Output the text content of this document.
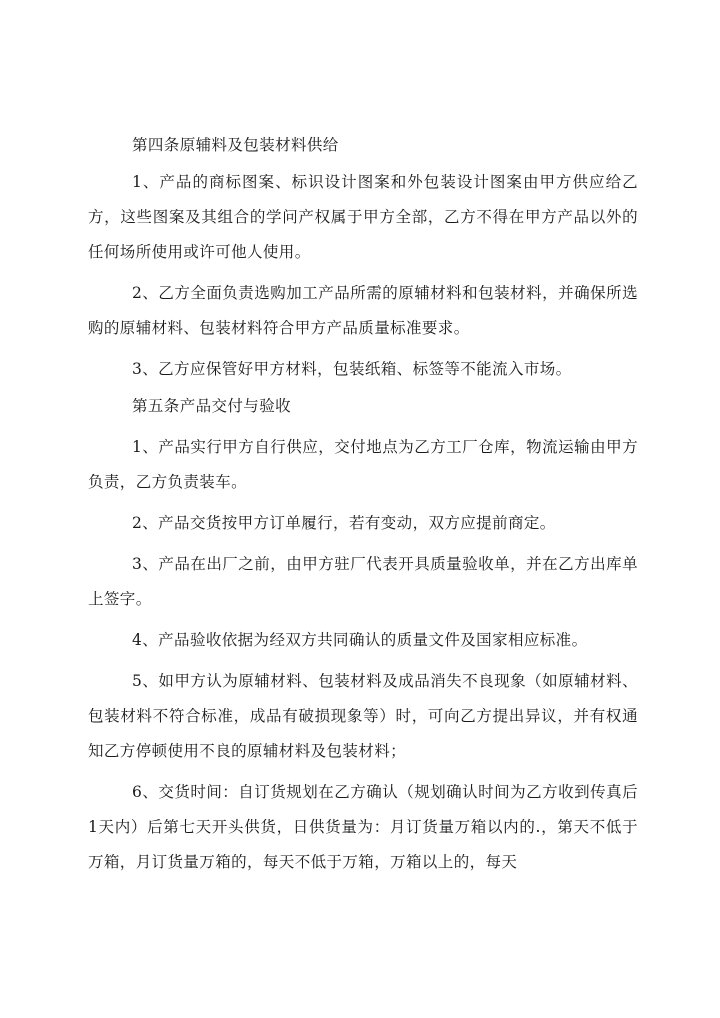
第四条原辅料及包装材料供给

1、产品的商标图案、标识设计图案和外包装设计图案由甲方供应给乙方，这些图案及其组合的学问产权属于甲方全部，乙方不得在甲方产品以外的任何场所使用或许可他人使用。

2、乙方全面负责选购加工产品所需的原辅材料和包装材料，并确保所选购的原辅材料、包装材料符合甲方产品质量标准要求。

3、乙方应保管好甲方材料，包装纸箱、标签等不能流入市场。

第五条产品交付与验收

1、产品实行甲方自行供应，交付地点为乙方工厂仓库，物流运输由甲方负责，乙方负责装车。

2、产品交货按甲方订单履行，若有变动，双方应提前商定。

3、产品在出厂之前，由甲方驻厂代表开具质量验收单，并在乙方出库单上签字。

4、产品验收依据为经双方共同确认的质量文件及国家相应标准。

5、如甲方认为原辅材料、包装材料及成品消失不良现象（如原辅材料、包装材料不符合标准，成品有破损现象等）时，可向乙方提出异议，并有权通知乙方停顿使用不良的原辅材料及包装材料；

6、交货时间：自订货规划在乙方确认（规划确认时间为乙方收到传真后1天内）后第七天开头供货，日供货量为：月订货量万箱以内的.，第天不低于万箱，月订货量万箱的，每天不低于万箱，万箱以上的，每天
